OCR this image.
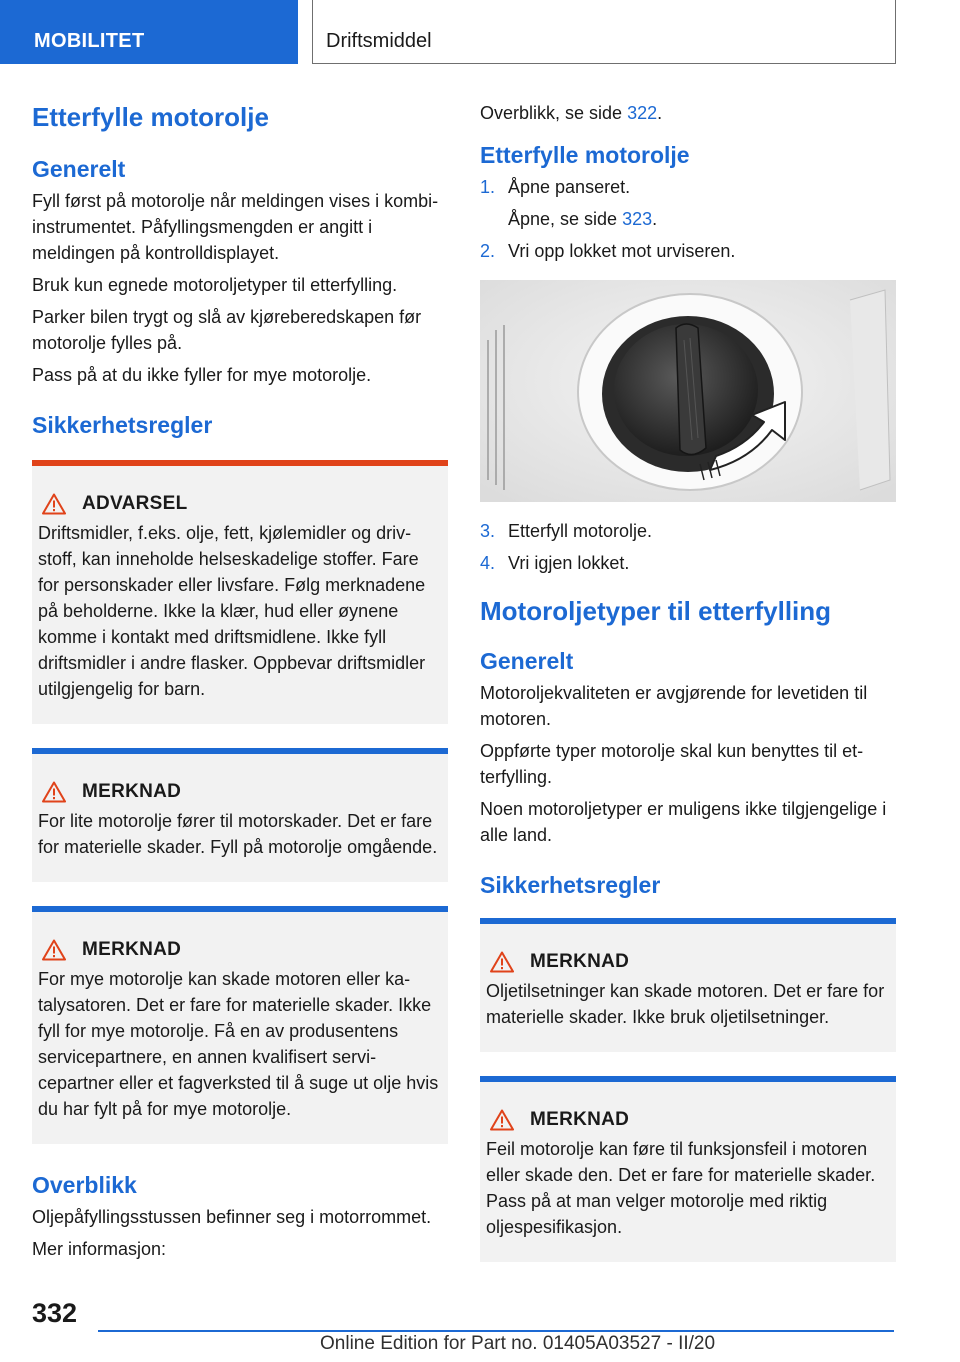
MOBILITET	Driftsmiddel
Etterfylle motorolje
Generelt

Fyll først på motorolje når meldingen vises i kombi-instrumentet. Påfyllingsmengden er angitt i meldingen på kontrolldisplayet.

Bruk kun egnede motoroljetyper til etterfylling.

Parker bilen trygt og slå av kjøreberedskapen før motorolje fylles på.

Pass på at du ikke fyller for mye motorolje.

Sikkerhetsregler
ADVARSEL

Driftsmidler, f.eks. olje, fett, kjølemidler og drivstoff, kan inneholde helseskadelige stoffer. Fare for personskader eller livsfare. Følg merknadene på beholderne. Ikke la klær, hud eller øynene komme i kontakt med driftsmidlene. Ikke fyll driftsmidler i andre flasker. Oppbevar driftsmidler utilgjengelig for barn.

MERKNAD

For lite motorolje fører til motorskader. Det er fare for materielle skader. Fyll på motorolje omgående.

MERKNAD

For mye motorolje kan skade motoren eller katalysatoren. Det er fare for materielle skader. Ikke fyll for mye motorolje. Få en av produsentens servicepartnere, en annen kvalifisert servicepartner eller et fagverksted til å suge ut olje hvis du har fylt på for mye motorolje.

Overblikk

Oljepåfyllingsstussen befinner seg i motorrommet.

Mer informasjon:

Overblikk, se side 322.

Etterfylle motorolje
1. Åpne panseret.
Åpne, se side 323.
2. Vri opp lokket mot urviseren.
3. Etterfyll motorolje.
4. Vri igjen lokket.
Motoroljetyper til etterfylling
Generelt

Motoroljekvaliteten er avgjørende for levetiden til motoren.

Oppførte typer motorolje skal kun benyttes til etterfylling.

Noen motoroljetyper er muligens ikke tilgjengelige i alle land.

Sikkerhetsregler
MERKNAD

Oljetilsetninger kan skade motoren. Det er fare for materielle skader. Ikke bruk oljetilsetninger.

MERKNAD

Feil motorolje kan føre til funksjonsfeil i motoren eller skade den. Det er fare for materielle skader. Pass på at man velger motorolje med riktig oljespesifikasjon.

332
Online Edition for Part no. 01405A03527 - II/20
